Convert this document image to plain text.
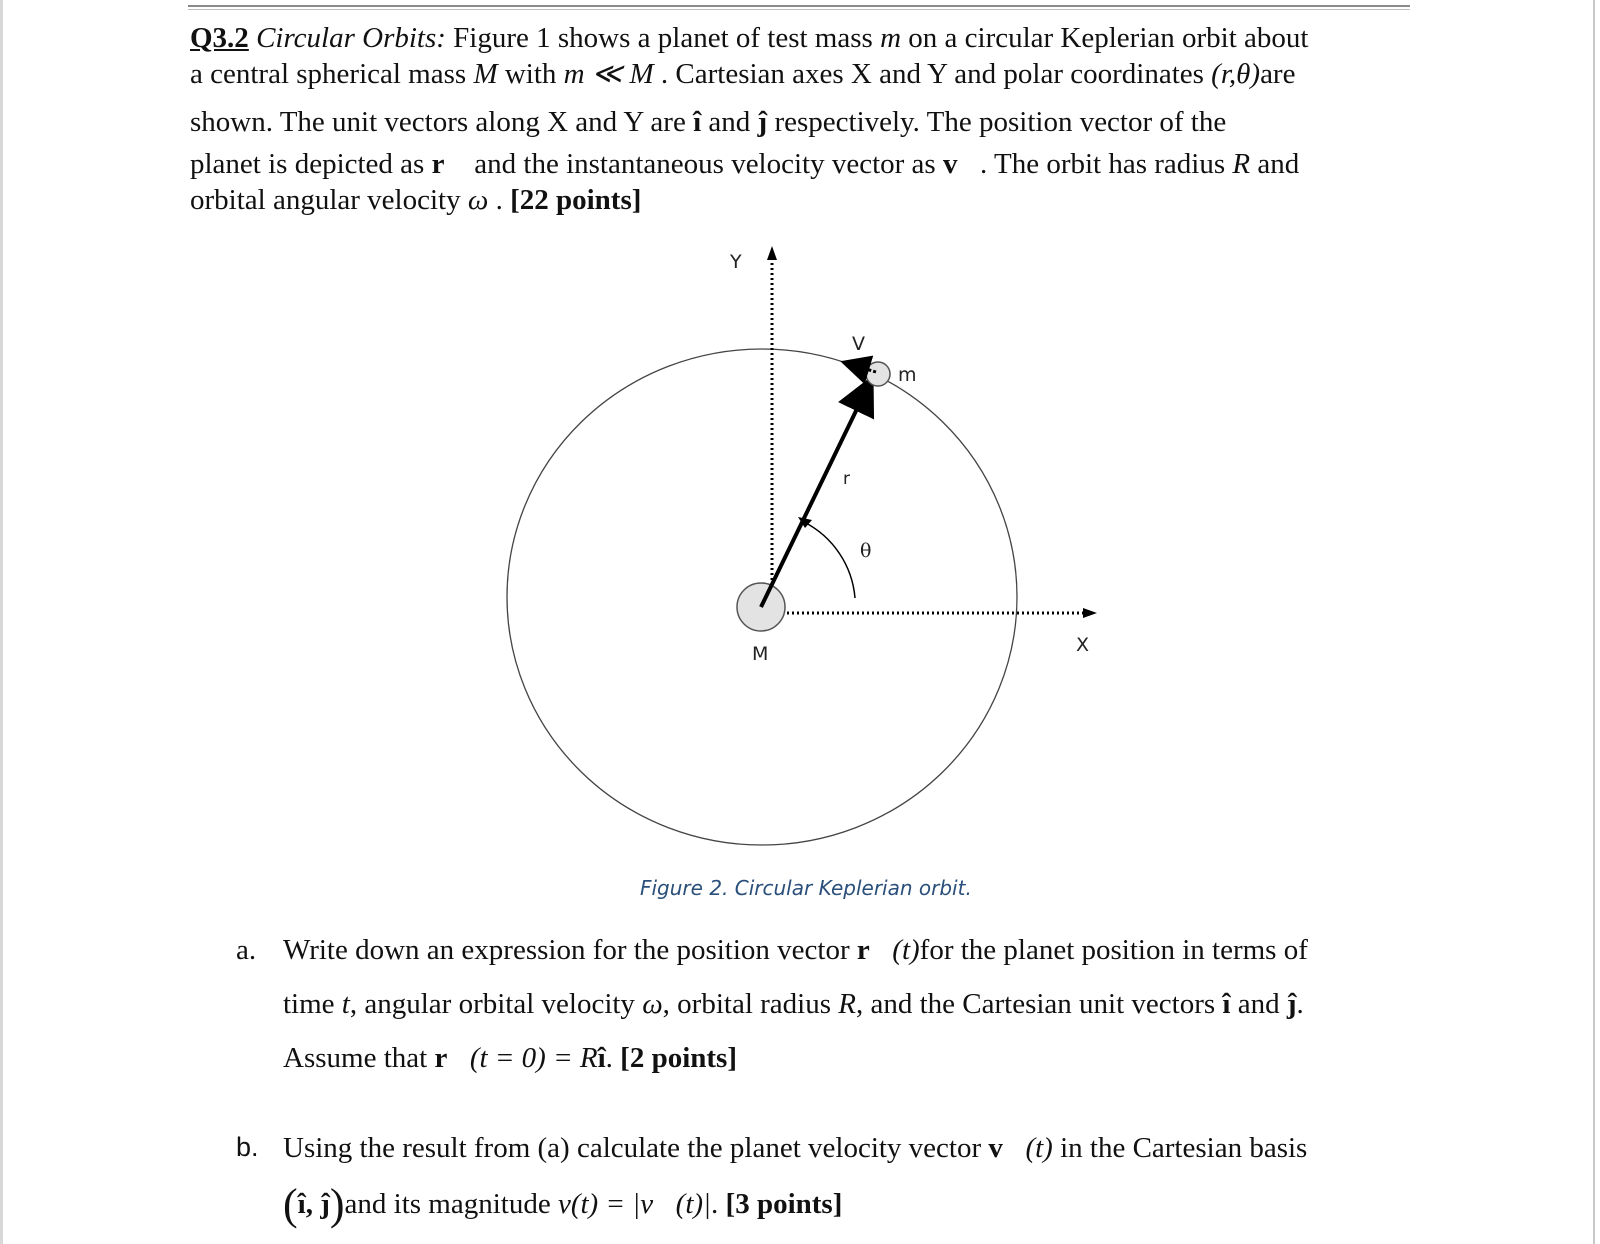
Q3.2 Circular Orbits: Figure 1 shows a planet of test mass m on a circular Keplerian orbit about
a central spherical mass M with m ≪ M . Cartesian axes X and Y and polar coordinates (r,θ)are
shown. The unit vectors along X and Y are î and ĵ respectively. The position vector of the
planet is depicted as r⃗ and the instantaneous velocity vector as v⃗. The orbit has radius R and
orbital angular velocity ω . [22 points]
Y
X
V
m
r
θ
M
Figure 2. Circular Keplerian orbit.
a. Write down an expression for the position vector r⃗(t)for the planet position in terms of
time t, angular orbital velocity ω, orbital radius R, and the Cartesian unit vectors î and ĵ.
Assume that r⃗(t = 0) = Rî. [2 points]
b. Using the result from (a) calculate the planet velocity vector v⃗(t) in the Cartesian basis
(î, ĵ)and its magnitude v(t) = |v⃗(t)|. [3 points]
